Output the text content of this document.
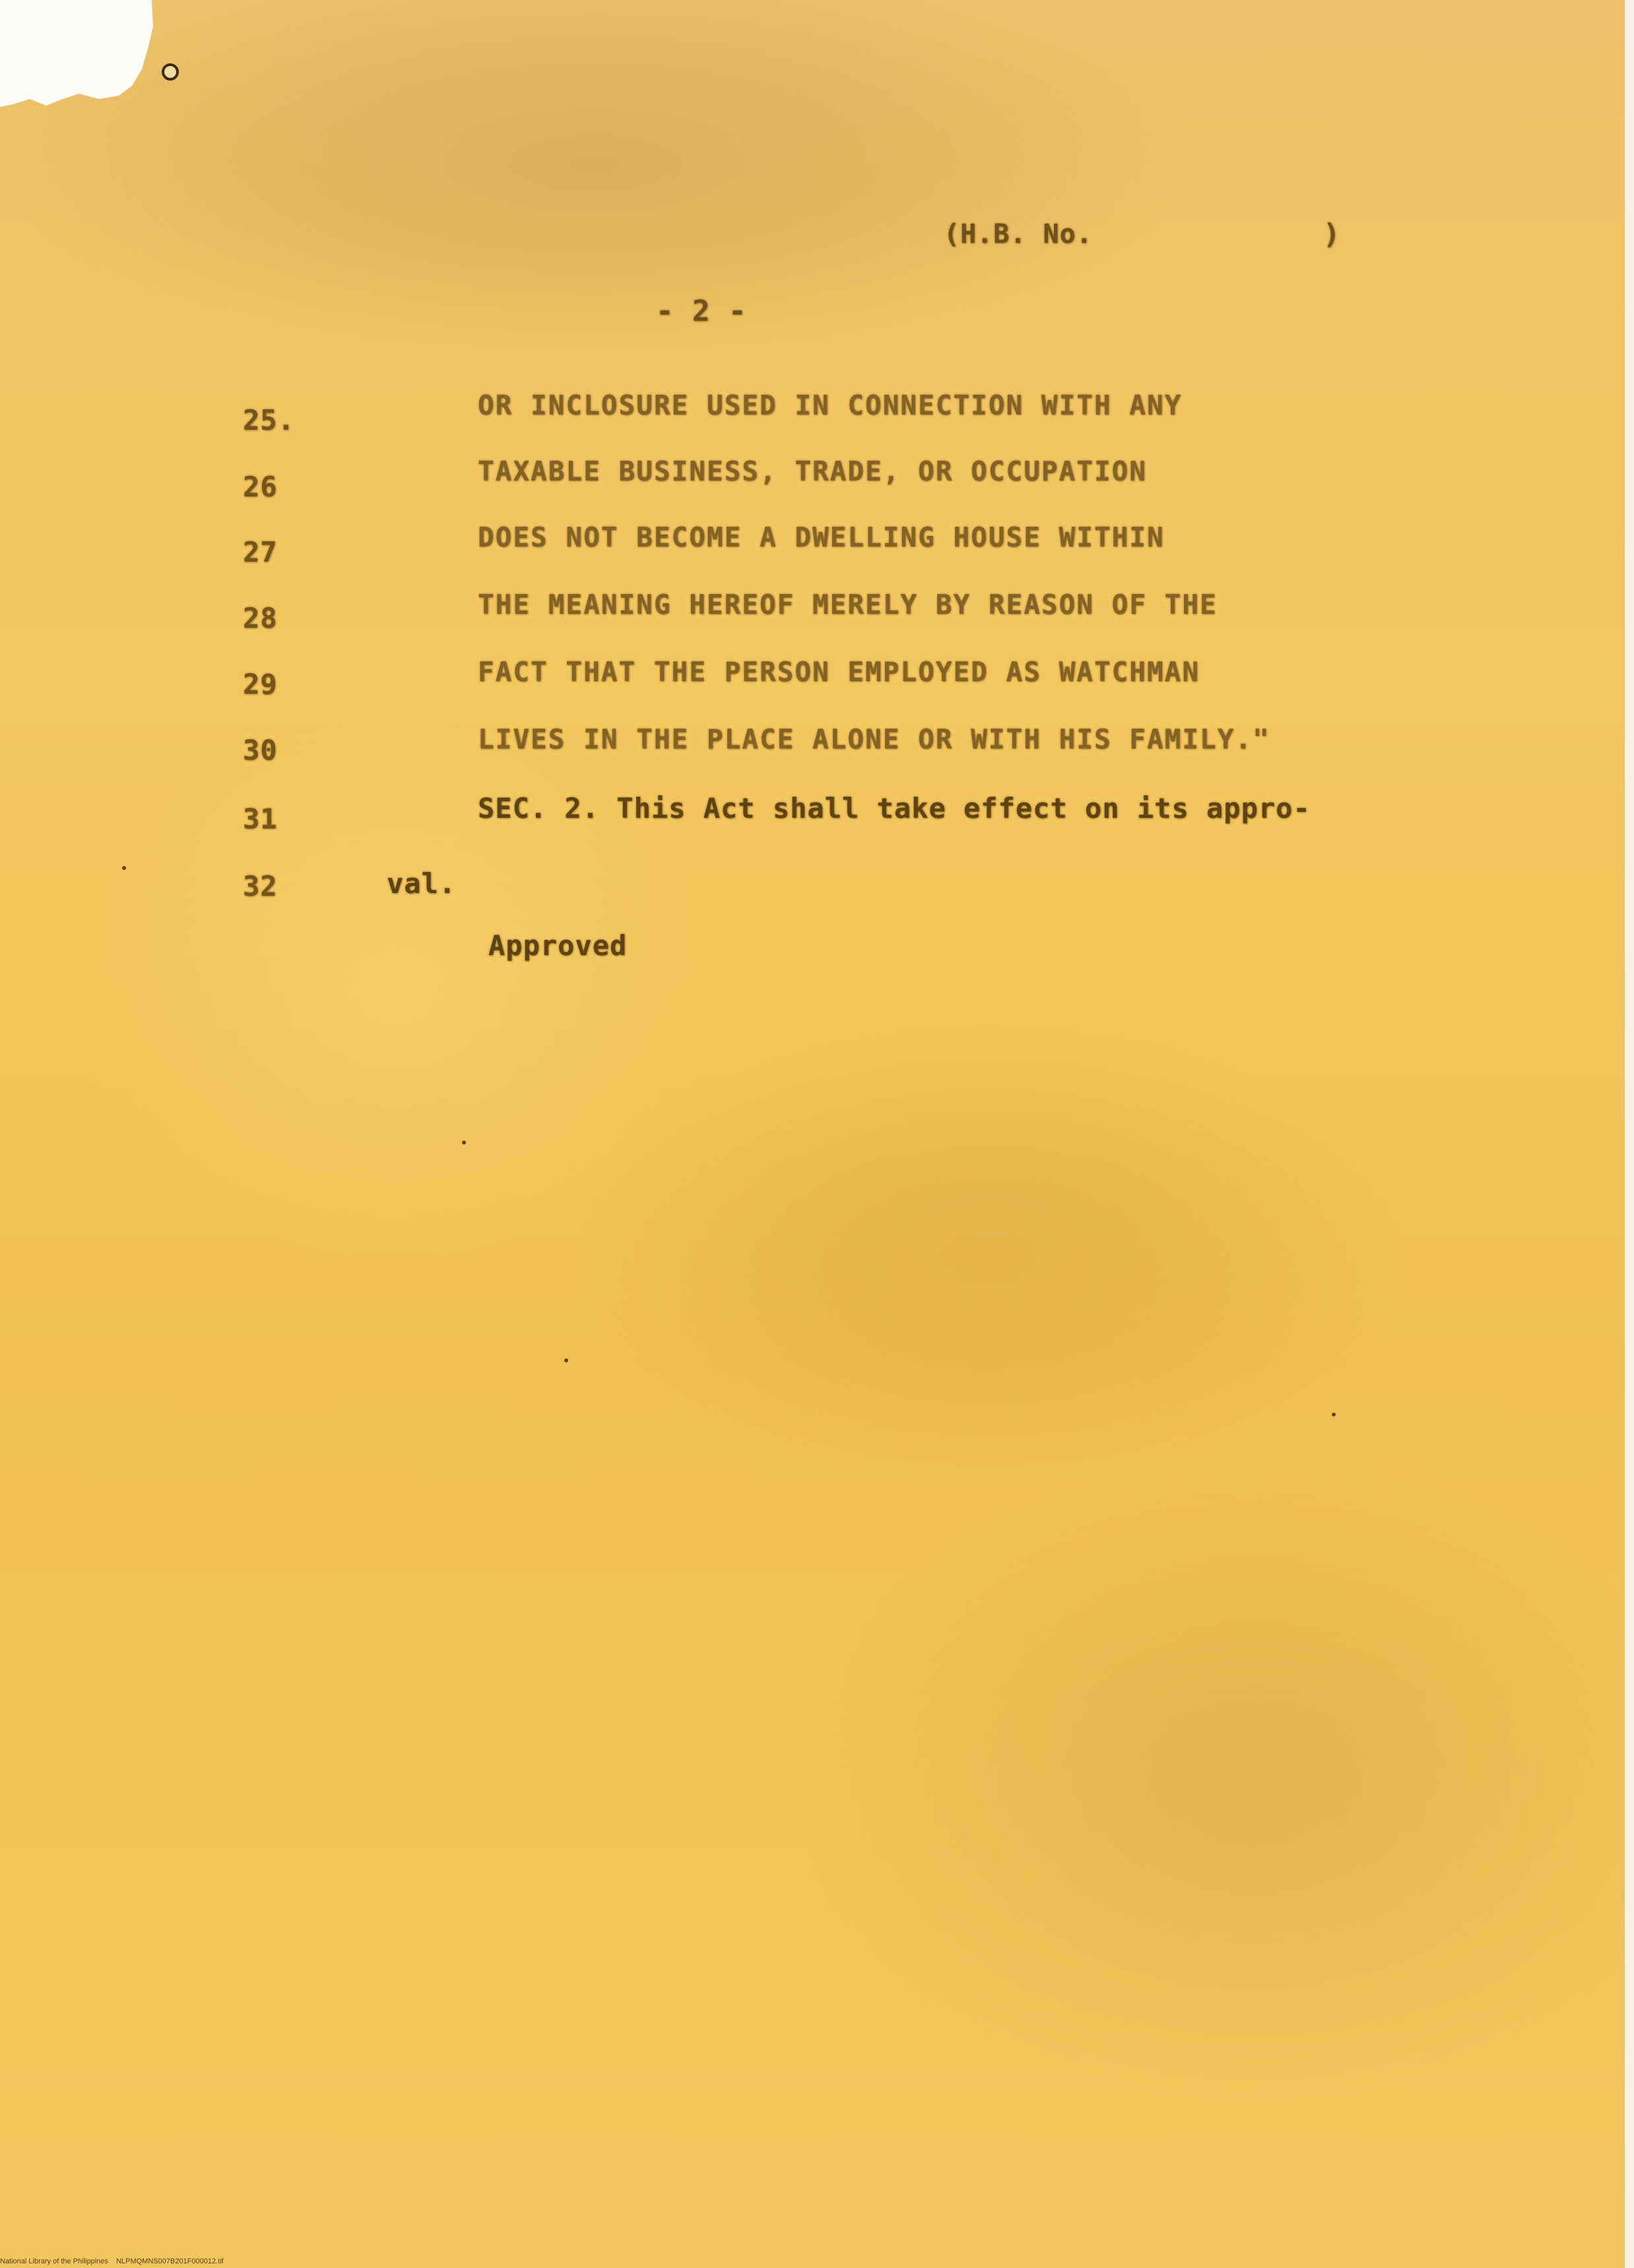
(H.B. No.	)
- 2 -
25.	OR INCLOSURE USED IN CONNECTION WITH ANY
26	TAXABLE BUSINESS, TRADE, OR OCCUPATION
27	DOES NOT BECOME A DWELLING HOUSE WITHIN
28	THE MEANING HEREOF MERELY BY REASON OF THE
29	FACT THAT THE PERSON EMPLOYED AS WATCHMAN
30	LIVES IN THE PLACE ALONE OR WITH HIS FAMILY."
31	SEC. 2. This Act shall take effect on its appro-
32	val.
Approved
National Library of the Philippines    NLPMQMNS007B201F000012.tif
